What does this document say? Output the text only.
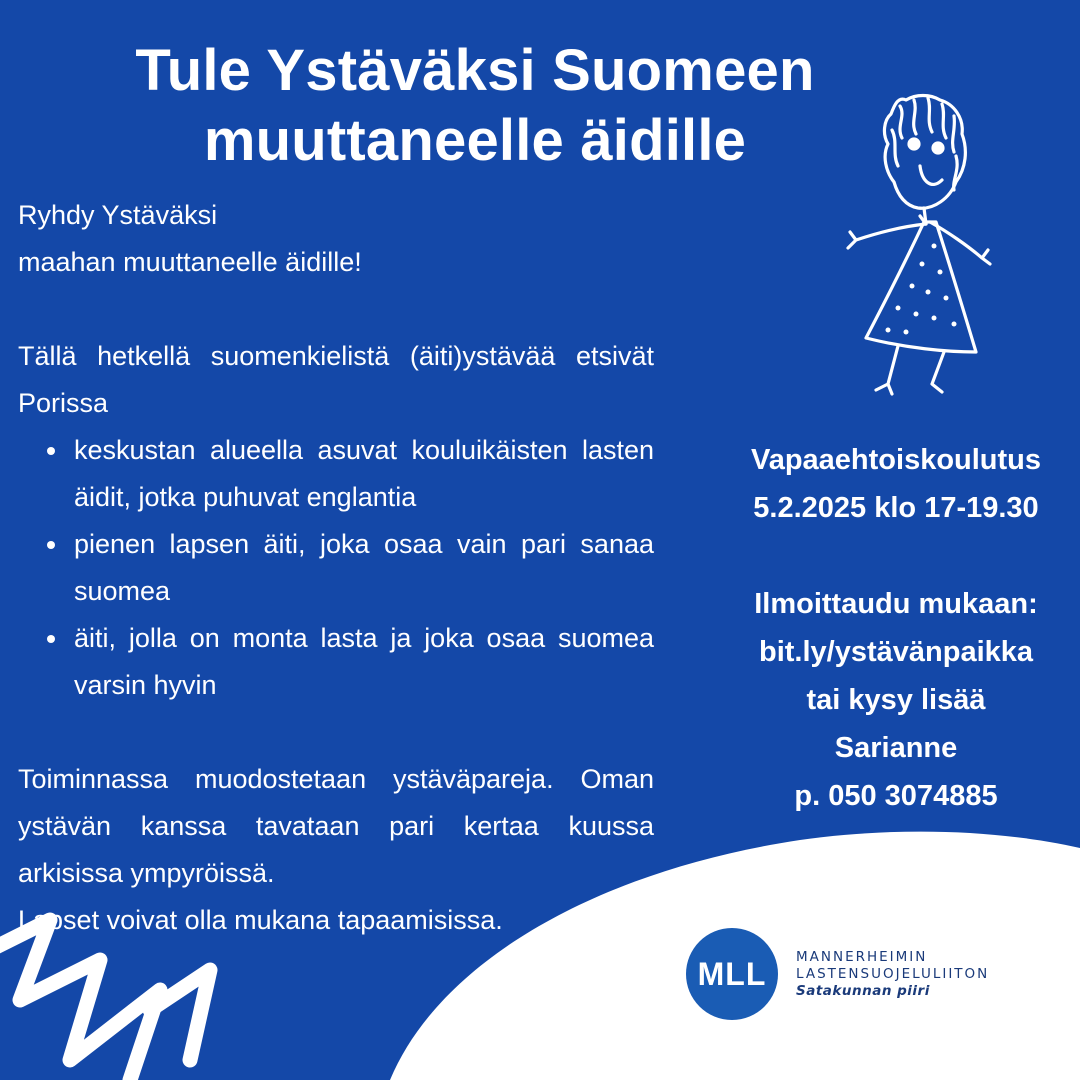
Tule Ystäväksi Suomeen
muuttaneelle äidille

Ryhdy Ystäväksi

maahan muuttaneelle äidille!

Tällä hetkellä suomenkielistä (äiti)ystävää etsivät Porissa

keskustan alueella asuvat kouluikäisten lasten äidit, jotka puhuvat englantia
pienen lapsen äiti, joka osaa vain pari sanaa suomea
äiti, jolla on monta lasta ja joka osaa suomea varsin hyvin

Toiminnassa muodostetaan ystäväpareja. Oman ystävän kanssa tavataan pari kertaa kuussa arkisissa ympyröissä.

Lapset voivat olla mukana tapaamisissa.

Vapaaehtoiskoulutus
5.2.2025 klo 17-19.30
Ilmoittaudu mukaan:
bit.ly/ystävänpaikka
tai kysy lisää
Sarianne
p. 050 3074885
MLL	MANNERHEIMIN
LASTENSUOJELULIITON
Satakunnan piiri
